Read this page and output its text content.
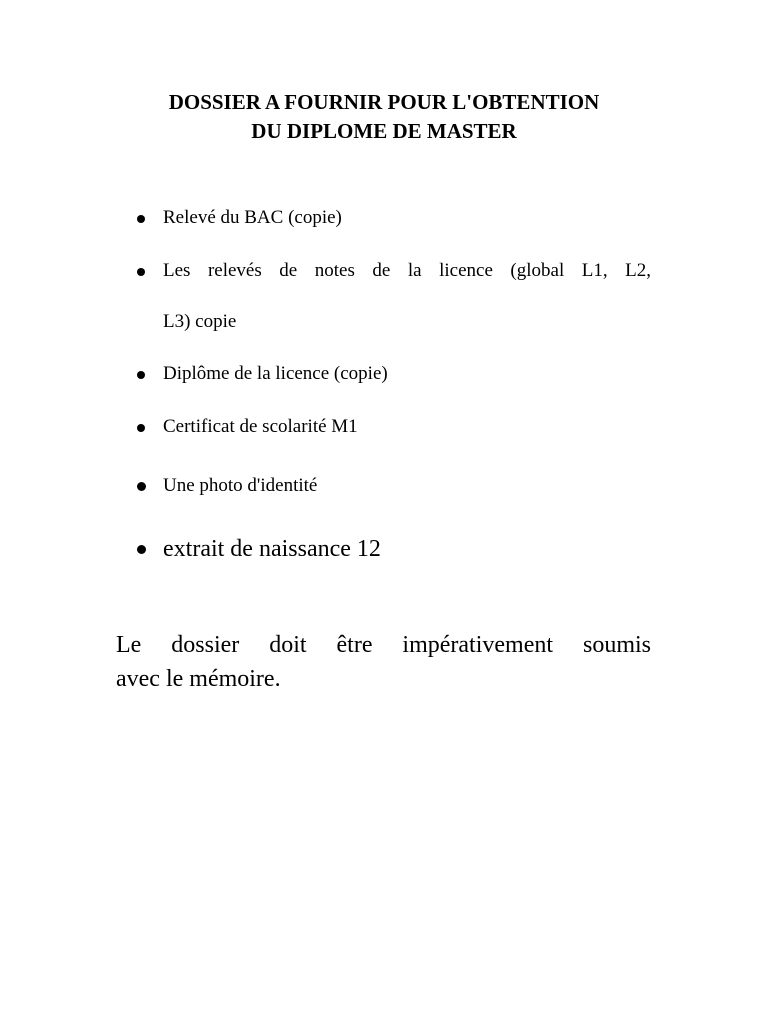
DOSSIER A FOURNIR POUR L'OBTENTION
DU DIPLOME DE MASTER
Relevé du BAC (copie)
Les relevés de notes de la licence (global L1, L2,
L3) copie
Diplôme de la licence (copie)
Certificat de scolarité M1
Une photo d'identité
extrait de naissance 12

Le dossier doit être impérativement soumis
avec le mémoire.
